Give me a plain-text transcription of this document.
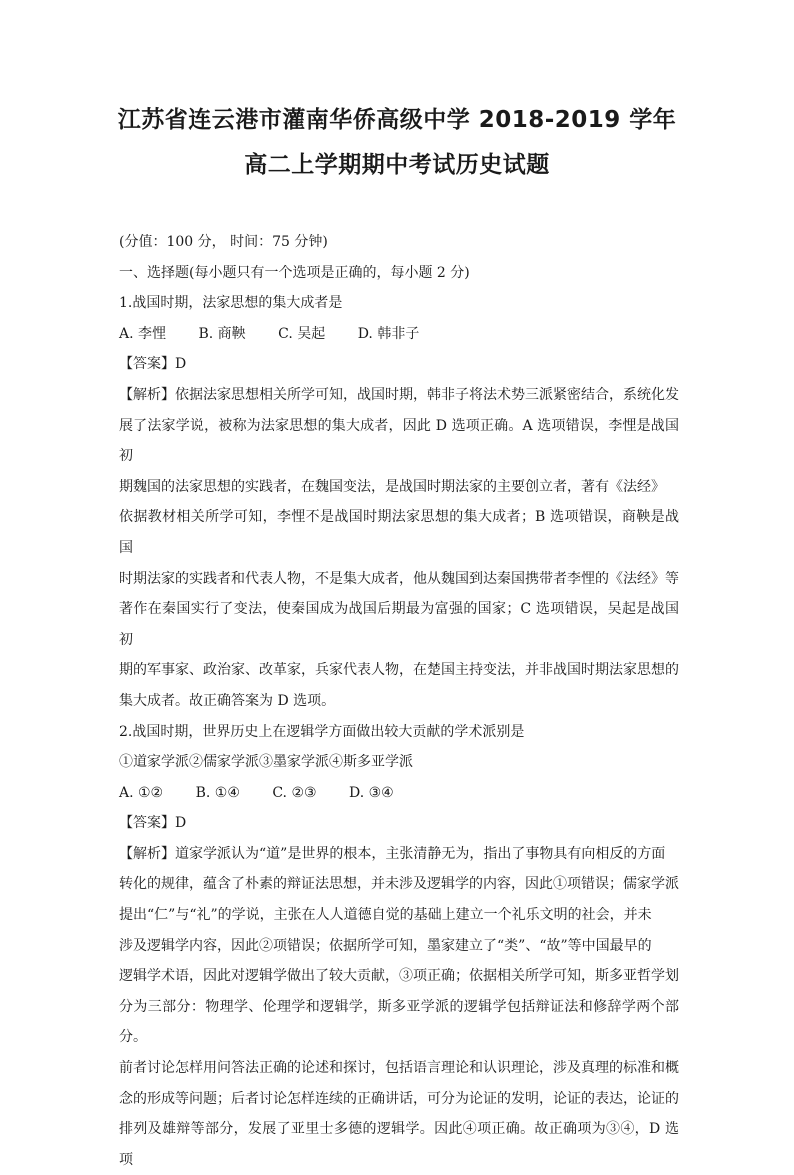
江苏省连云港市灌南华侨高级中学 2018-2019 学年
高二上学期期中考试历史试题

(分值：100 分， 时间：75 分钟)

一、选择题(每小题只有一个选项是正确的，每小题 2 分)

1.战国时期，法家思想的集大成者是

A. 李悝 B. 商鞅 C. 吴起 D. 韩非子

【答案】D

【解析】依据法家思想相关所学可知，战国时期，韩非子将法术势三派紧密结合，系统化发

展了法家学说，被称为法家思想的集大成者，因此 D 选项正确。A 选项错误，李悝是战国初

期魏国的法家思想的实践者，在魏国变法，是战国时期法家的主要创立者，著有《法经》

依据教材相关所学可知，李悝不是战国时期法家思想的集大成者；B 选项错误，商鞅是战国

时期法家的实践者和代表人物，不是集大成者，他从魏国到达秦国携带者李悝的《法经》等

著作在秦国实行了变法，使秦国成为战国后期最为富强的国家；C 选项错误，吴起是战国初

期的军事家、政治家、改革家，兵家代表人物，在楚国主持变法，并非战国时期法家思想的

集大成者。故正确答案为 D 选项。

2.战国时期，世界历史上在逻辑学方面做出较大贡献的学术派别是

①道家学派②儒家学派③墨家学派④斯多亚学派

A. ①② B. ①④ C. ②③ D. ③④

【答案】D

【解析】道家学派认为“道”是世界的根本，主张清静无为，指出了事物具有向相反的方面

转化的规律，蕴含了朴素的辩证法思想，并未涉及逻辑学的内容，因此①项错误；儒家学派

提出“仁”与“礼”的学说，主张在人人道德自觉的基础上建立一个礼乐文明的社会，并未

涉及逻辑学内容，因此②项错误；依据所学可知，墨家建立了“类”、“故”等中国最早的

逻辑学术语，因此对逻辑学做出了较大贡献，③项正确；依据相关所学可知，斯多亚哲学划

分为三部分：物理学、伦理学和逻辑学，斯多亚学派的逻辑学包括辩证法和修辞学两个部分。

前者讨论怎样用问答法正确的论述和探讨，包括语言理论和认识理论，涉及真理的标准和概

念的形成等问题；后者讨论怎样连续的正确讲话，可分为论证的发明，论证的表达，论证的

排列及雄辩等部分，发展了亚里士多德的逻辑学。因此④项正确。故正确项为③④，D 选项
